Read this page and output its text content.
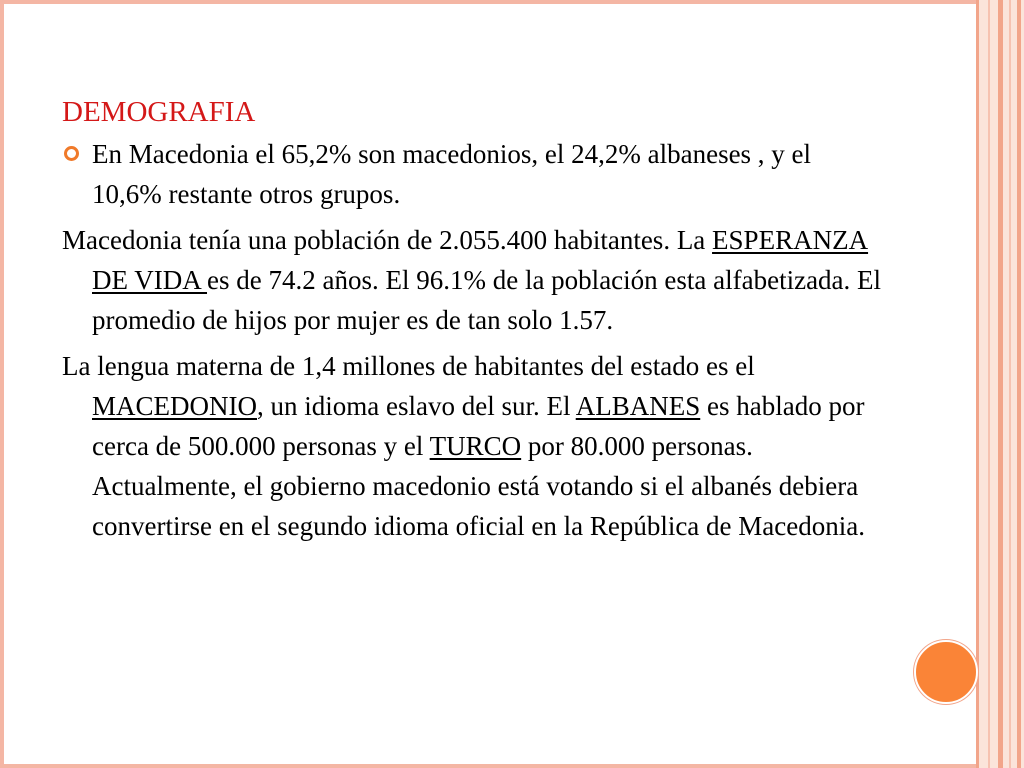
DEMOGRAFIA
En Macedonia el 65,2% son macedonios, el 24,2% albaneses , y el 10,6% restante otros grupos.
Macedonia tenía una población de 2.055.400 habitantes. La ESPERANZA DE VIDA es de 74.2 años. El 96.1% de la población esta alfabetizada. El promedio de hijos por mujer es de tan solo 1.57.
La lengua materna de 1,4 millones de habitantes del estado es el MACEDONIO, un idioma eslavo del sur. El ALBANES es hablado por cerca de 500.000 personas y el TURCO por 80.000 personas. Actualmente, el gobierno macedonio está votando si el albanés debiera convertirse en el segundo idioma oficial en la República de Macedonia.
